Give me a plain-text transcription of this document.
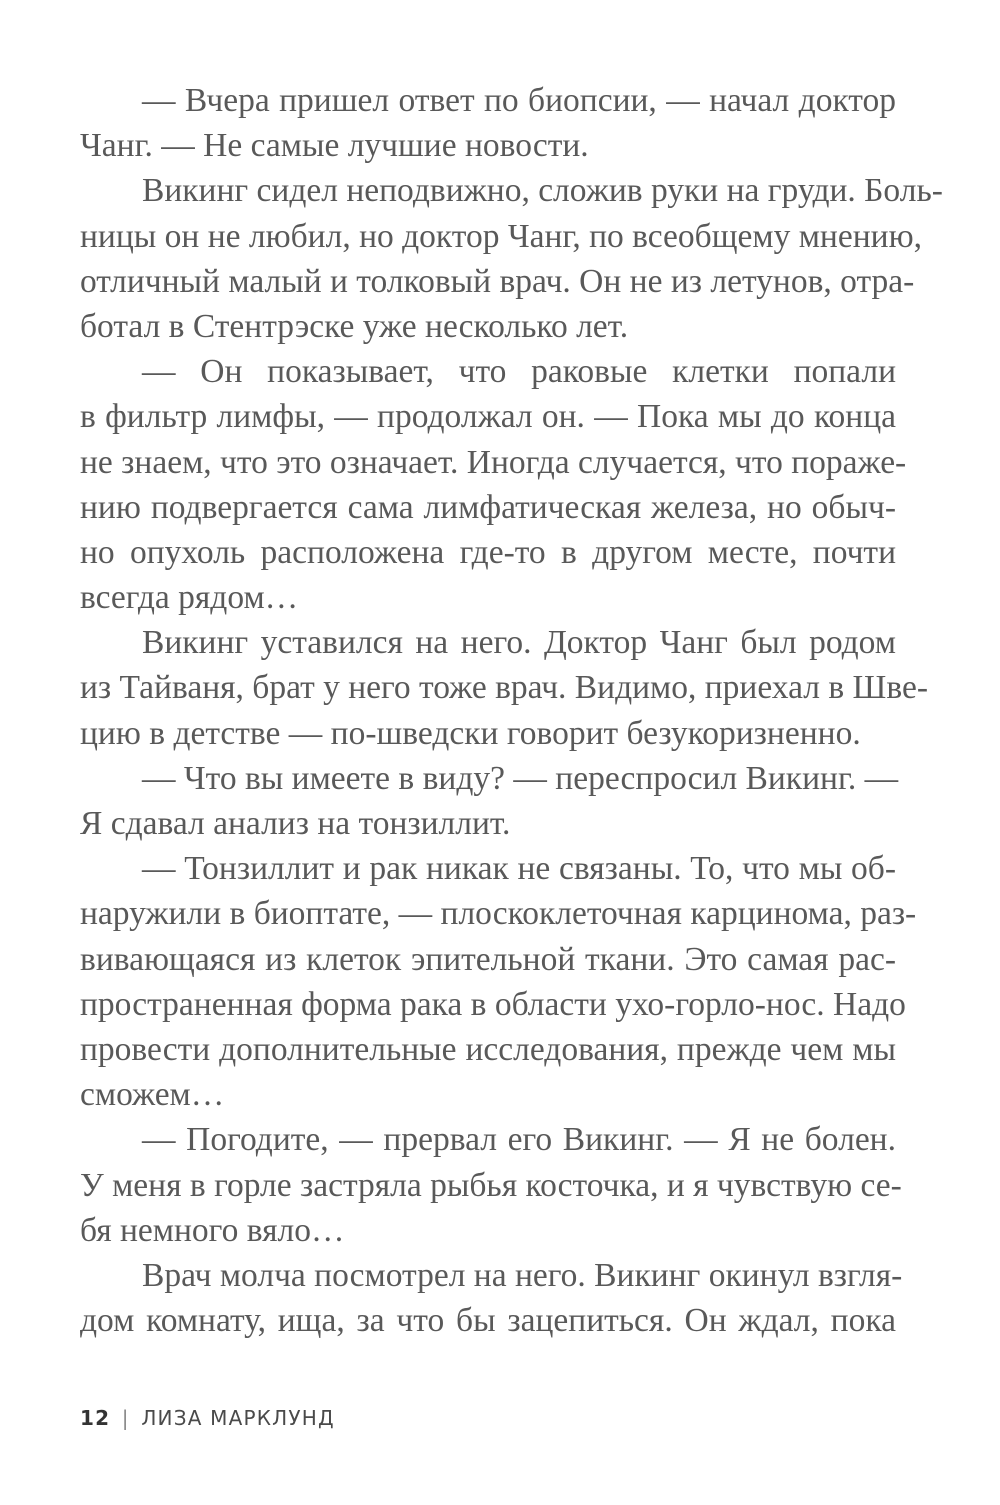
— Вчера пришел ответ по биопсии, — начал доктор
Чанг. — Не самые лучшие новости.
Викинг сидел неподвижно, сложив руки на груди. Боль-
ницы он не любил, но доктор Чанг, по всеобщему мнению,
отличный малый и толковый врач. Он не из летунов, отра-
ботал в Стентрэске уже несколько лет.
— Он показывает, что раковые клетки попали
в фильтр лимфы, — продолжал он. — Пока мы до конца
не знаем, что это означает. Иногда случается, что пораже-
нию подвергается сама лимфатическая железа, но обыч-
но опухоль расположена где-то в другом месте, почти
всегда рядом…
Викинг уставился на него. Доктор Чанг был родом
из Тайваня, брат у него тоже врач. Видимо, приехал в Шве-
цию в детстве — по-шведски говорит безукоризненно.
— Что вы имеете в виду? — переспросил Викинг. —
Я сдавал анализ на тонзиллит.
— Тонзиллит и рак никак не связаны. То, что мы об-
наружили в биоптате, — плоскоклеточная карцинома, раз-
вивающаяся из клеток эпительной ткани. Это самая рас-
пространенная форма рака в области ухо-горло-нос. Надо
провести дополнительные исследования, прежде чем мы
сможем…
— Погодите, — прервал его Викинг. — Я не болен.
У меня в горле застряла рыбья косточка, и я чувствую се-
бя немного вяло…
Врач молча посмотрел на него. Викинг окинул взгля-
дом комнату, ища, за что бы зацепиться. Он ждал, пока
12 | ЛИЗА МАРКЛУНД
